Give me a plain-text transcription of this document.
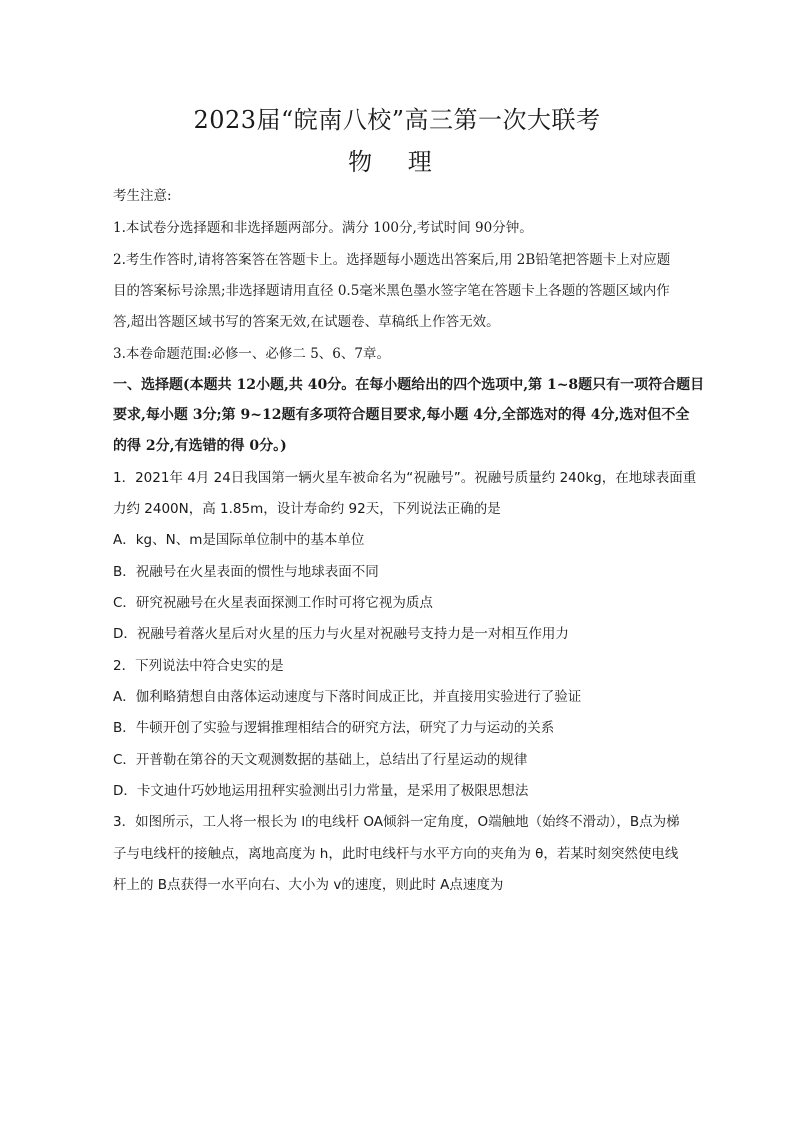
2023届“皖南八校”高三第一次大联考
物 理
考生注意:
1.本试卷分选择题和非选择题两部分。满分 100分,考试时间 90分钟。
2.考生作答时,请将答案答在答题卡上。选择题每小题选出答案后,用 2B铅笔把答题卡上对应题
目的答案标号涂黑;非选择题请用直径 0.5毫米黑色墨水签字笔在答题卡上各题的答题区域内作
答,超出答题区域书写的答案无效,在试题卷、草稿纸上作答无效。
3.本卷命题范围:必修一、必修二 5、6、7章。
一、选择题(本题共 12小题,共 40分。在每小题给出的四个选项中,第 1~8题只有一项符合题目
要求,每小题 3分;第 9~12题有多项符合题目要求,每小题 4分,全部选对的得 4分,选对但不全
的得 2分,有选错的得 0分。)
1．2021年 4月 24日我国第一辆火星车被命名为“祝融号”。祝融号质量约 240kg，在地球表面重
力约 2400N，高 1.85m，设计寿命约 92天，下列说法正确的是
A．kg、N、m是国际单位制中的基本单位
B．祝融号在火星表面的惯性与地球表面不同
C．研究祝融号在火星表面探测工作时可将它视为质点
D．祝融号着落火星后对火星的压力与火星对祝融号支持力是一对相互作用力
2．下列说法中符合史实的是
A．伽利略猜想自由落体运动速度与下落时间成正比，并直接用实验进行了验证
B．牛顿开创了实验与逻辑推理相结合的研究方法，研究了力与运动的关系
C．开普勒在第谷的天文观测数据的基础上，总结出了行星运动的规律
D．卡文迪什巧妙地运用扭秤实验测出引力常量，是采用了极限思想法
3．如图所示，工人将一根长为 l的电线杆 OA倾斜一定角度，O端触地（始终不滑动），B点为梯
子与电线杆的接触点，离地高度为 h，此时电线杆与水平方向的夹角为 θ，若某时刻突然使电线
杆上的 B点获得一水平向右、大小为 v的速度，则此时 A点速度为
